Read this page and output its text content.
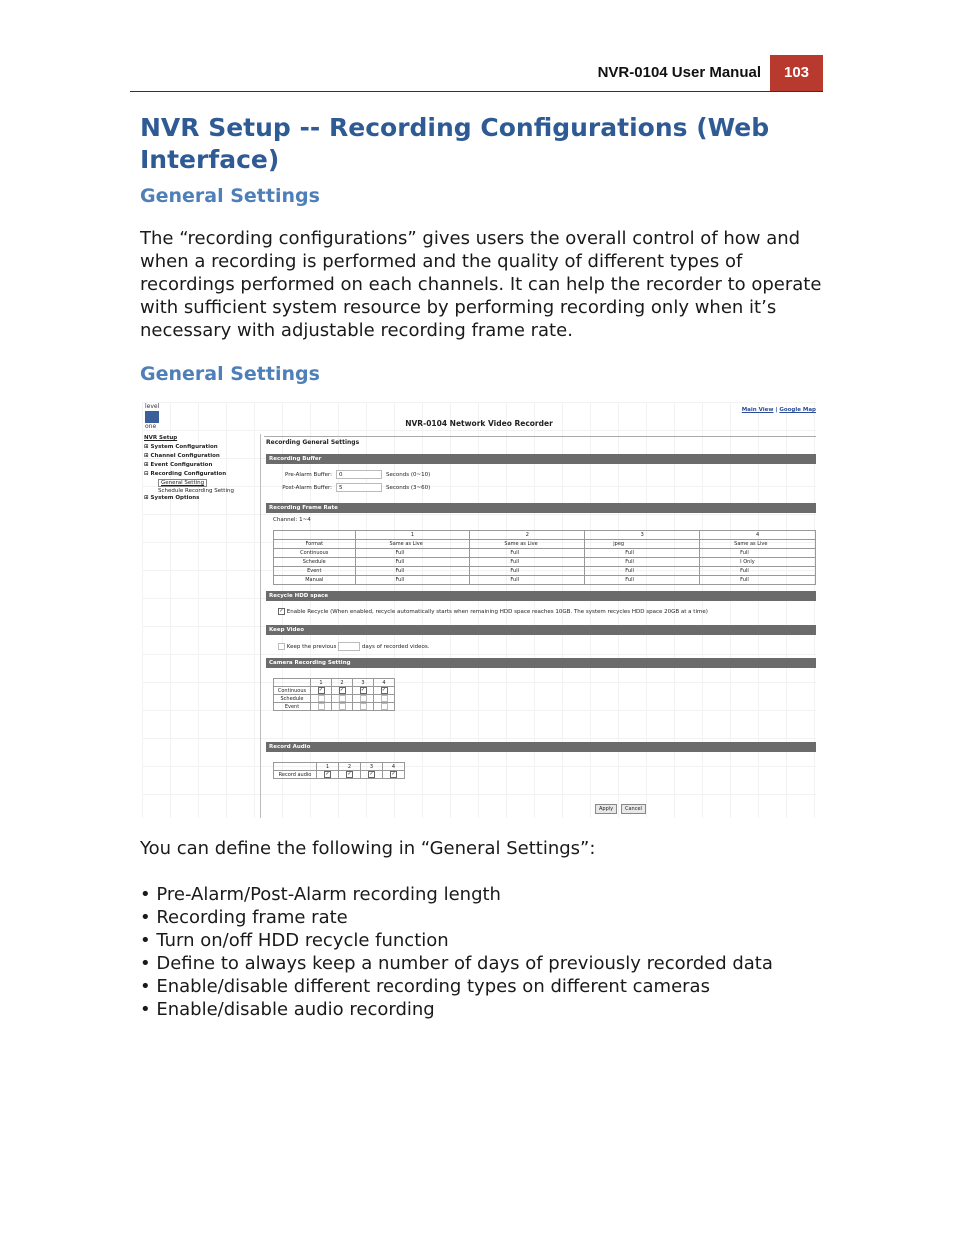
NVR-0104 User Manual	103
NVR Setup -- Recording Configurations (Web Interface)
General Settings
The “recording configurations” gives users the overall control of how and when a recording is performed and the quality of different types of recordings performed on each channels. It can help the recorder to operate with sufficient system resource by performing recording only when it’s necessary with adjustable recording frame rate.
General Settings
level
one
Main View | Google Map
NVR-0104 Network Video Recorder
NVR Setup
⊞ System Configuration
⊞ Channel Configuration
⊞ Event Configuration
⊟ Recording Configuration
General Setting
Schedule Recording Setting
⊞ System Options
Recording General Settings
Recording Buffer
Pre-Alarm Buffer:	0	Seconds (0~10)
Post-Alarm Buffer:	5	Seconds (3~60)
Recording Frame Rate
Channel: 1~4
	1	2	3	4
Format	Same as Live	Same as Live	jpeg	Same as Live
Continuous	Full	Full	Full	Full
Schedule	Full	Full	Full	I Only
Event	Full	Full	Full	Full
Manual	Full	Full	Full	Full
Recycle HDD space
✓ Enable Recycle (When enabled, recycle automatically starts when remaining HDD space reaches 10GB. The system recycles HDD space 20GB at a time)
Keep Video
Keep the previous	days of recorded videos.
Camera Recording Setting
	1	2	3	4
Continuous	✓	✓	✓	✓
Schedule				
Event				
Record Audio
	1	2	3	4
Record audio	✓	✓	✓	✓
Apply	Cancel
You can define the following in “General Settings”:
• Pre-Alarm/Post-Alarm recording length
• Recording frame rate
• Turn on/off HDD recycle function
• Define to always keep a number of days of previously recorded data
• Enable/disable different recording types on different cameras
• Enable/disable audio recording
